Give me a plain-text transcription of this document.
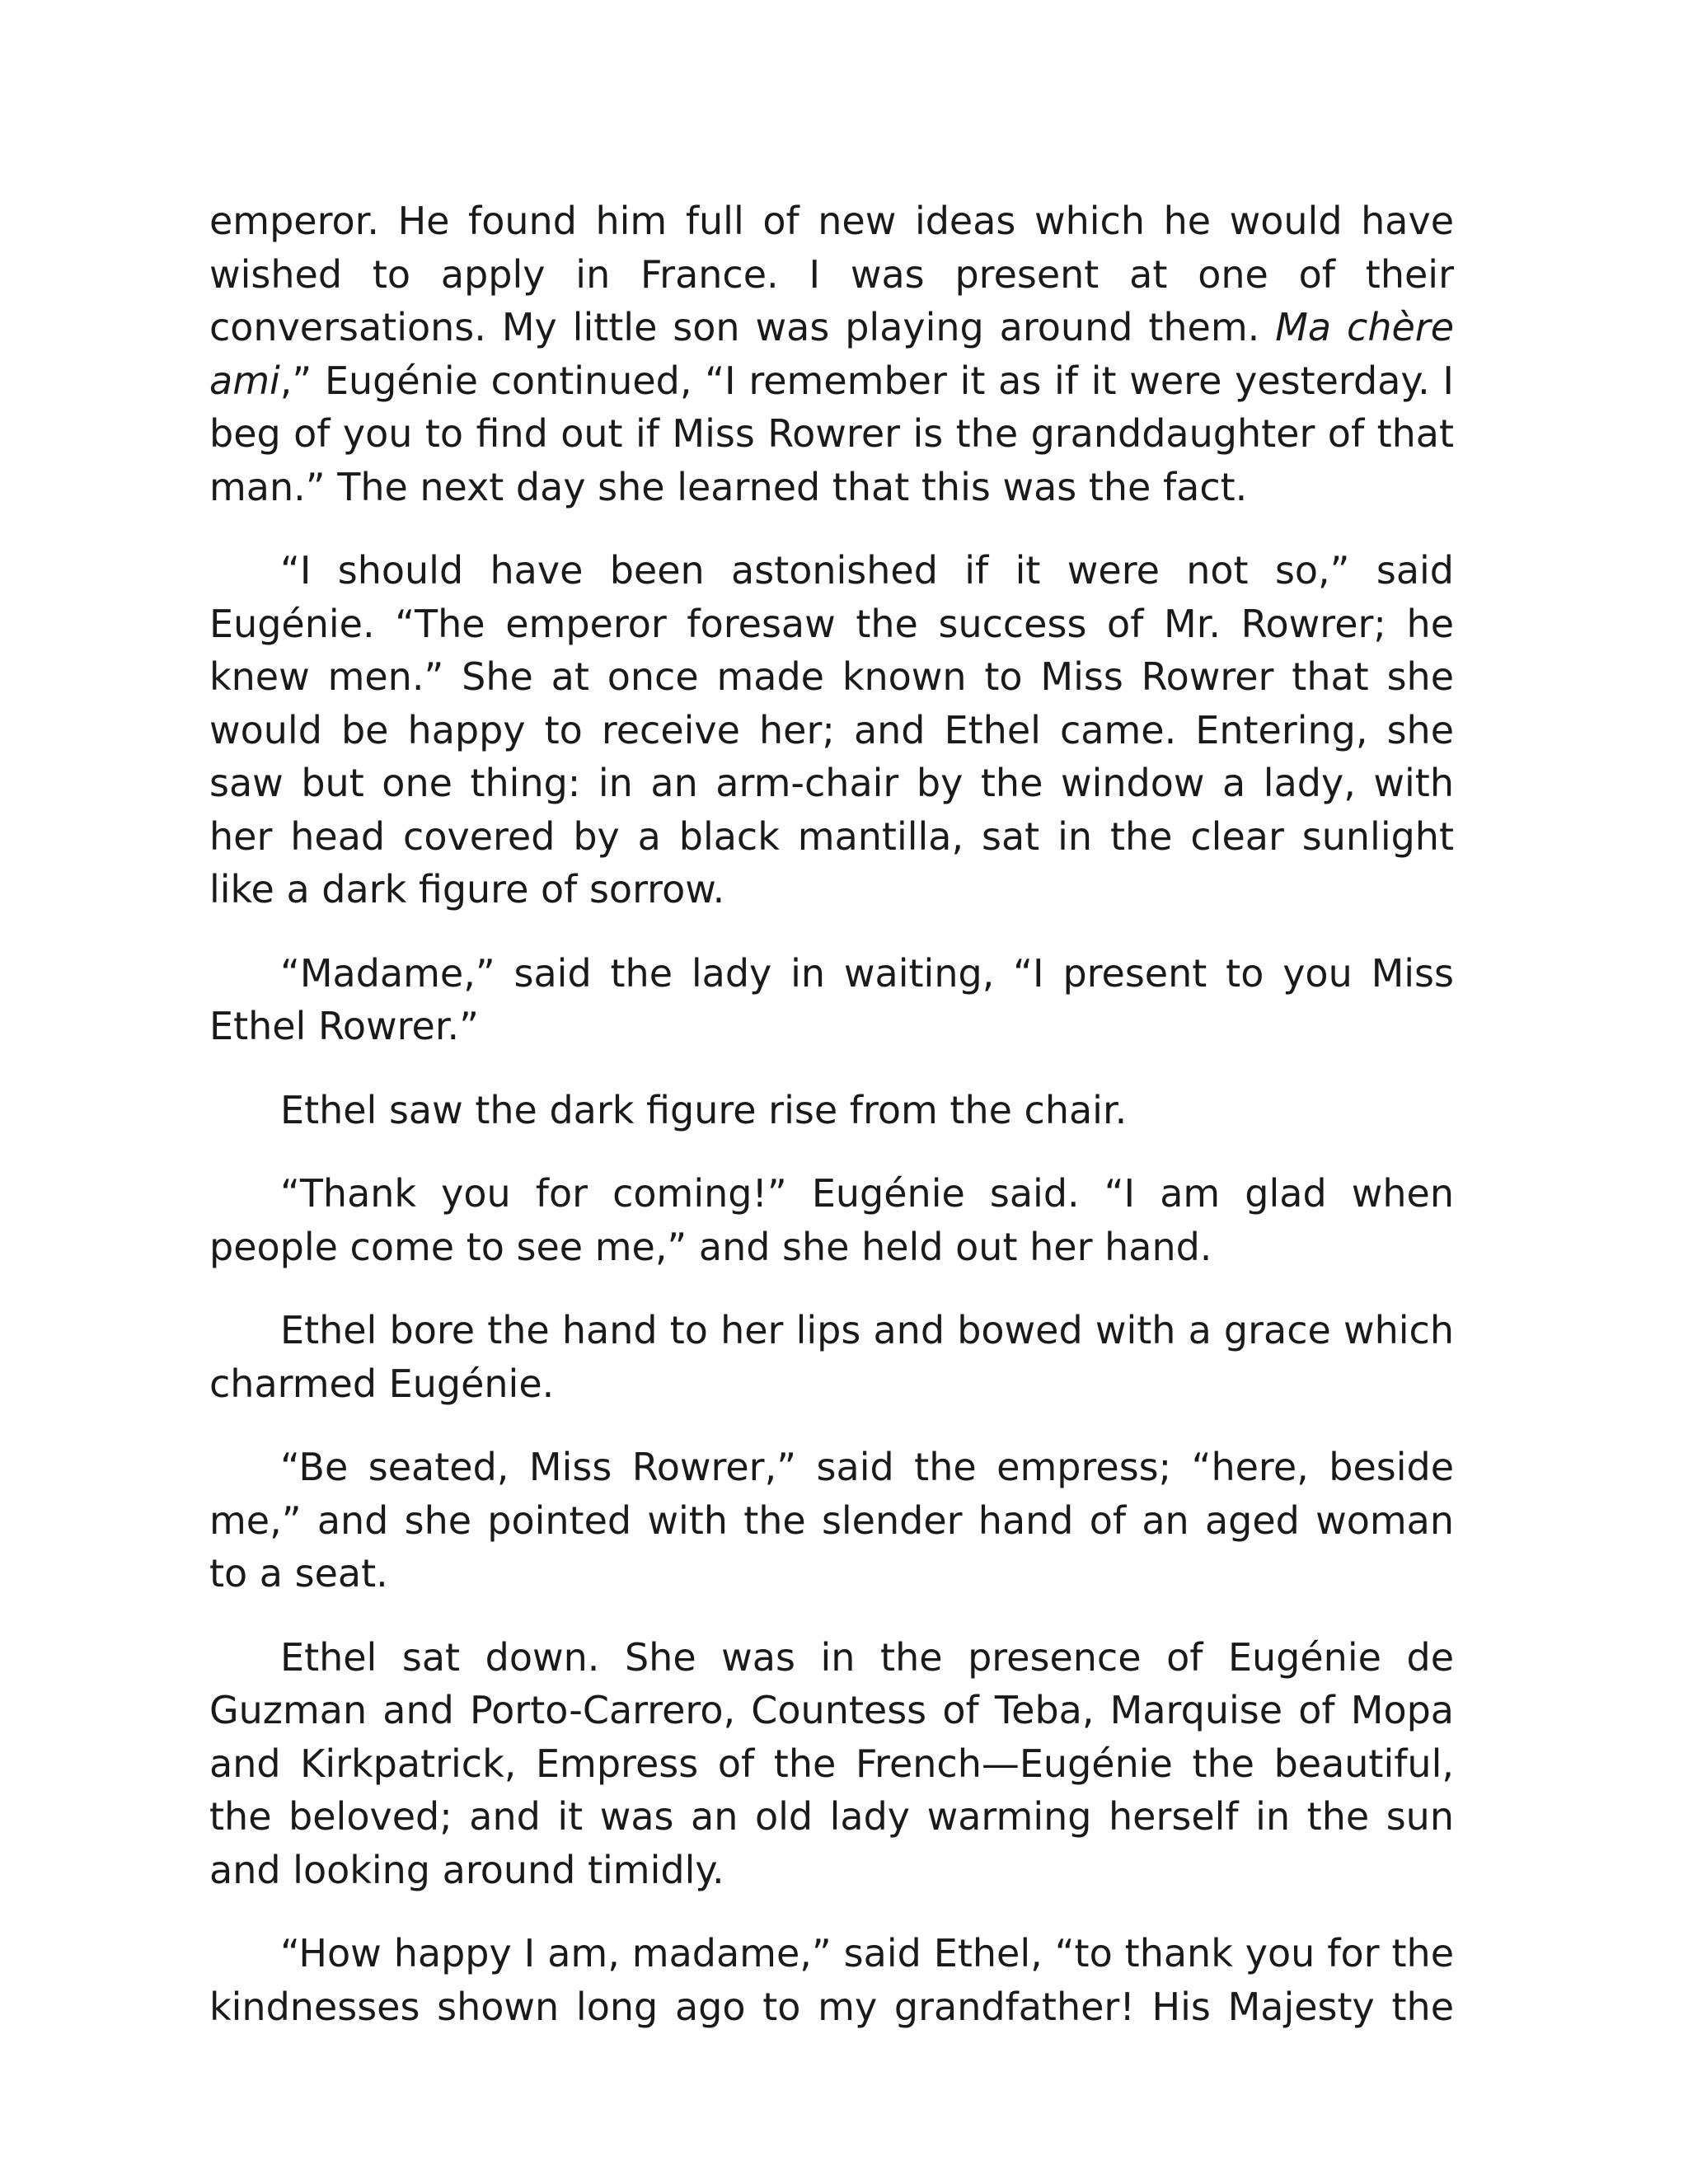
emperor. He found him full of new ideas which he would have wished to apply in France. I was present at one of their conversations. My little son was playing around them. Ma chère ami,” Eugénie continued, “I remember it as if it were yesterday. I beg of you to find out if Miss Rowrer is the granddaughter of that man.” The next day she learned that this was the fact.

“I should have been astonished if it were not so,” said Eugénie. “The emperor foresaw the success of Mr. Rowrer; he knew men.” She at once made known to Miss Rowrer that she would be happy to receive her; and Ethel came. Entering, she saw but one thing: in an arm-chair by the window a lady, with her head covered by a black mantilla, sat in the clear sunlight like a dark figure of sorrow.

“Madame,” said the lady in waiting, “I present to you Miss Ethel Rowrer.”

Ethel saw the dark figure rise from the chair.

“Thank you for coming!” Eugénie said. “I am glad when people come to see me,” and she held out her hand.

Ethel bore the hand to her lips and bowed with a grace which charmed Eugénie.

“Be seated, Miss Rowrer,” said the empress; “here, beside me,” and she pointed with the slender hand of an aged woman to a seat.

Ethel sat down. She was in the presence of Eugénie de Guzman and Porto-Carrero, Countess of Teba, Marquise of Mopa and Kirkpatrick, Empress of the French—Eugénie the beautiful, the beloved; and it was an old lady warming herself in the sun and looking around timidly.

“How happy I am, madame,” said Ethel, “to thank you for the kindnesses shown long ago to my grandfather! His Majesty the
